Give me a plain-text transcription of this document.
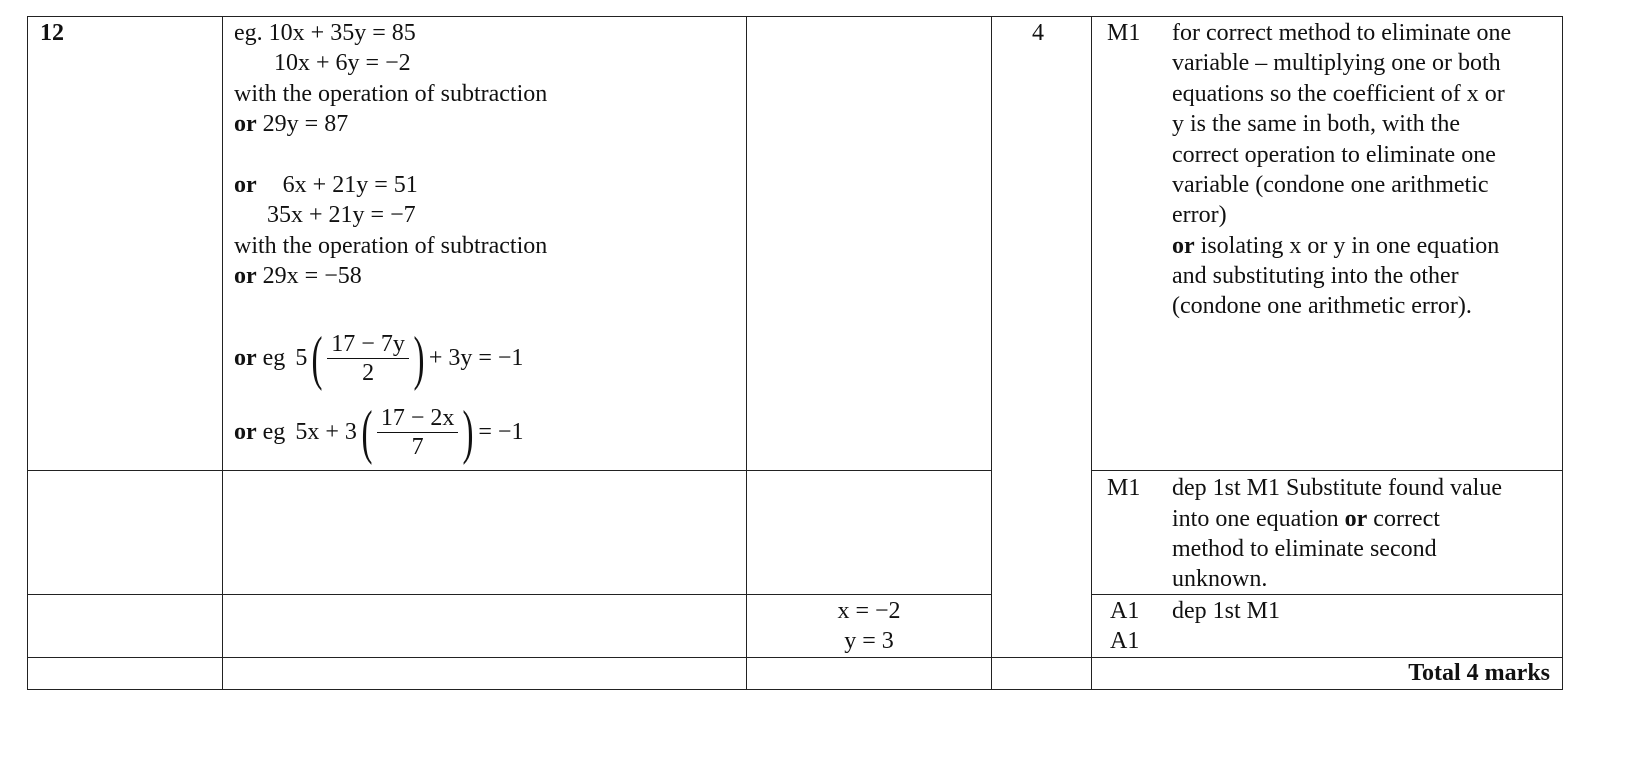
12	4
eg. 10x + 35y = 85
10x + 6y = −2
with the operation of subtraction
or 29y = 87
or 6x + 21y = 51
35x + 21y = −7
with the operation of subtraction
or 29x = −58
or eg 5 ( $\frac{17 - 7y}{2}$ ) + 3y = −1
or eg 5x + 3 ( $\frac{17 - 2x}{7}$ ) = −1
x = −2
y = 3
M1
M1
A1
A1
for correct method to eliminate one
variable – multiplying one or both
equations so the coefficient of x or
y is the same in both, with the
correct operation to eliminate one
variable (condone one arithmetic
error)
or isolating x or y in one equation
and substituting into the other
(condone one arithmetic error).
dep 1st M1 Substitute found value
into one equation or correct
method to eliminate second
unknown.
dep 1st M1
Total 4 marks
